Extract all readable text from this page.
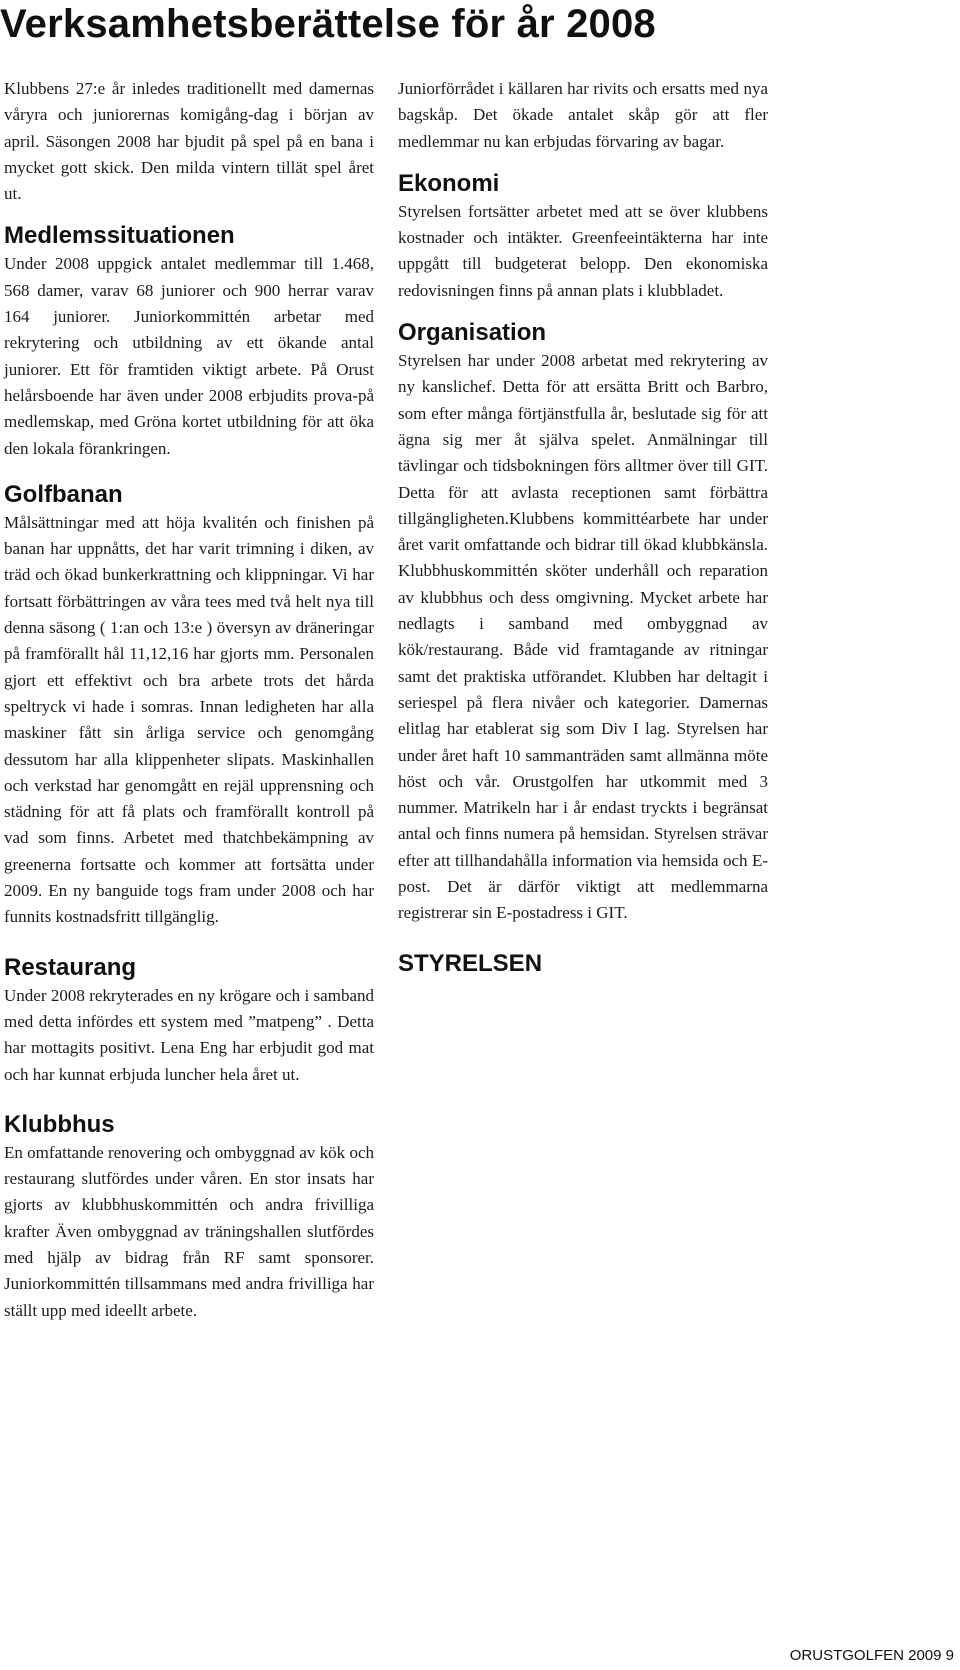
Verksamhetsberättelse för år 2008

Klubbens 27:e år inledes traditionellt med damernas våryra och juniorernas komigång-dag i början av april. Säsongen 2008 har bjudit på spel på en bana i mycket gott skick. Den milda vintern tillät spel året ut.

Medlemssituationen

Under 2008 uppgick antalet medlemmar till 1.468, 568 damer, varav 68 juniorer och 900 herrar varav 164 juniorer. Juniorkommittén arbetar med rekrytering och utbildning av ett ökande antal juniorer. Ett för framtiden viktigt arbete. På Orust helårsboende har även under 2008 erbjudits prova-på medlemskap, med Gröna kortet utbildning för att öka den lokala förankringen.

Golfbanan

Målsättningar med att höja kvalitén och finishen på banan har uppnåtts, det har varit trimning i diken, av träd och ökad bunkerkrattning och klippningar. Vi har fortsatt förbättringen av våra tees med två helt nya till denna säsong ( 1:an och 13:e ) översyn av dräneringar på framförallt hål 11,12,16 har gjorts mm. Personalen gjort ett effektivt och bra arbete trots det hårda speltryck vi hade i somras. Innan ledigheten har alla maskiner fått sin årliga service och genomgång dessutom har alla klippenheter slipats. Maskinhallen och verkstad har genomgått en rejäl upprensning och städning för att få plats och framförallt kontroll på vad som finns. Arbetet med thatchbekämpning av greenerna fortsatte och kommer att fortsätta under 2009. En ny banguide togs fram under 2008 och har funnits kostnadsfritt tillgänglig.

Restaurang

Under 2008 rekryterades en ny krögare och i samband med detta infördes ett system med ”matpeng” . Detta har mottagits positivt. Lena Eng har erbjudit god mat och har kunnat erbjuda luncher hela året ut.

Klubbhus

En omfattande renovering och ombyggnad av kök och restaurang slutfördes under våren. En stor insats har gjorts av klubbhuskommittén och andra frivilliga krafter Även ombyggnad av träningshallen slutfördes med hjälp av bidrag från RF samt sponsorer. Juniorkommittén tillsammans med andra frivilliga har ställt upp med ideellt arbete.

Juniorförrådet i källaren har rivits och ersatts med nya bagskåp. Det ökade antalet skåp gör att fler medlemmar nu kan erbjudas förvaring av bagar.

Ekonomi

Styrelsen fortsätter arbetet med att se över klubbens kostnader och intäkter. Greenfeeintäkterna har inte uppgått till budgeterat belopp. Den ekonomiska redovisningen finns på annan plats i klubbladet.

Organisation

Styrelsen har under 2008 arbetat med rekrytering av ny kanslichef. Detta för att ersätta Britt och Barbro, som efter många förtjänstfulla år, beslutade sig för att ägna sig mer åt själva spelet. Anmälningar till tävlingar och tidsbokningen förs alltmer över till GIT. Detta för att avlasta receptionen samt förbättra tillgängligheten.Klubbens kommittéarbete har under året varit omfattande och bidrar till ökad klubbkänsla. Klubbhuskommittén sköter underhåll och reparation av klubbhus och dess omgivning. Mycket arbete har nedlagts i samband med ombyggnad av kök/restaurang. Både vid framtagande av ritningar samt det praktiska utförandet. Klubben har deltagit i seriespel på flera nivåer och kategorier. Damernas elitlag har etablerat sig som Div I lag. Styrelsen har under året haft 10 sammanträden samt allmänna möte höst och vår. Orustgolfen har utkommit med 3 nummer. Matrikeln har i år endast tryckts i begränsat antal och finns numera på hemsidan. Styrelsen strävar efter att tillhandahålla information via hemsida och E-post. Det är därför viktigt att medlemmarna registrerar sin E-postadress i GIT.

STYRELSEN
ORUSTGOLFEN 2009 9
